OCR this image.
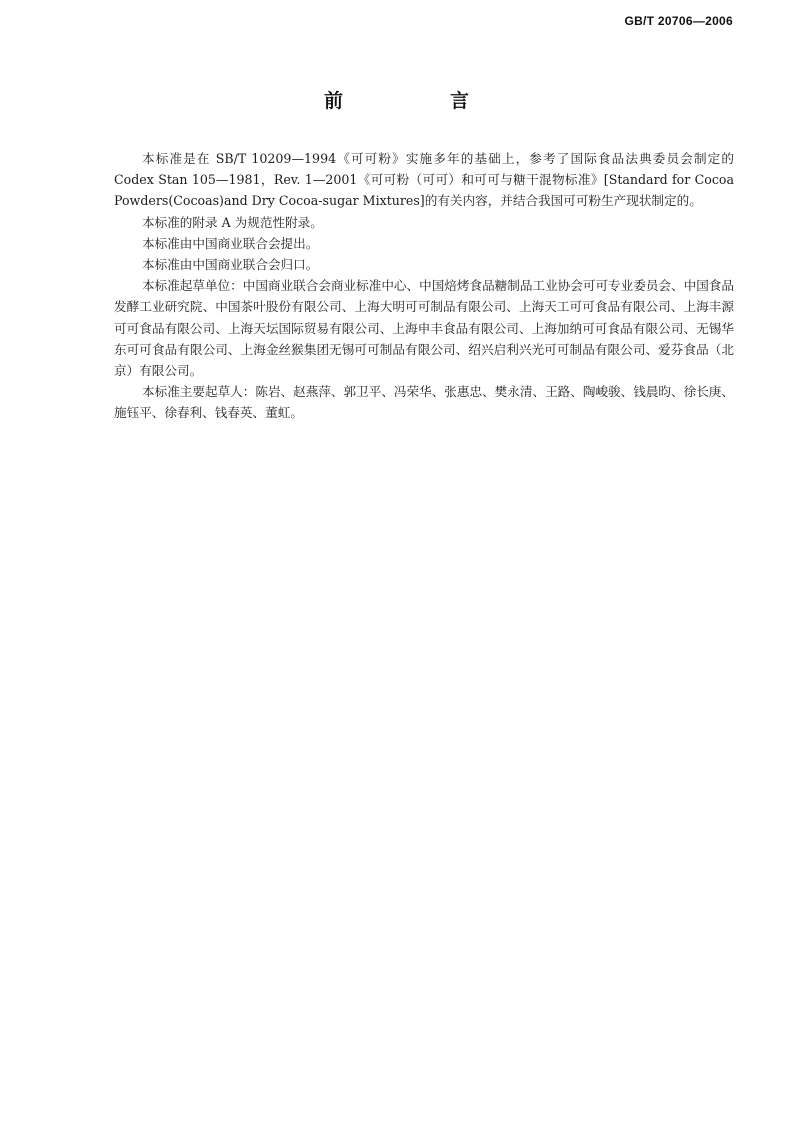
GB/T 20706—2006
前　言

本标准是在 SB/T 10209—1994《可可粉》实施多年的基础上，参考了国际食品法典委员会制定的 Codex Stan 105—1981，Rev. 1—2001《可可粉（可可）和可可与糖干混物标准》[Standard for Cocoa Powders(Cocoas)and Dry Cocoa-sugar Mixtures]的有关内容，并结合我国可可粉生产现状制定的。

本标准的附录 A 为规范性附录。

本标准由中国商业联合会提出。

本标准由中国商业联合会归口。

本标准起草单位：中国商业联合会商业标准中心、中国焙烤食品糖制品工业协会可可专业委员会、中国食品发酵工业研究院、中国茶叶股份有限公司、上海大明可可制品有限公司、上海天工可可食品有限公司、上海丰源可可食品有限公司、上海天坛国际贸易有限公司、上海申丰食品有限公司、上海加纳可可食品有限公司、无锡华东可可食品有限公司、上海金丝猴集团无锡可可制品有限公司、绍兴启利兴光可可制品有限公司、爱芬食品（北京）有限公司。

本标准主要起草人：陈岩、赵燕萍、郭卫平、冯荣华、张惠忠、樊永清、王路、陶峻骏、钱晨昀、徐长庚、施钰平、徐春利、钱春英、董虹。
